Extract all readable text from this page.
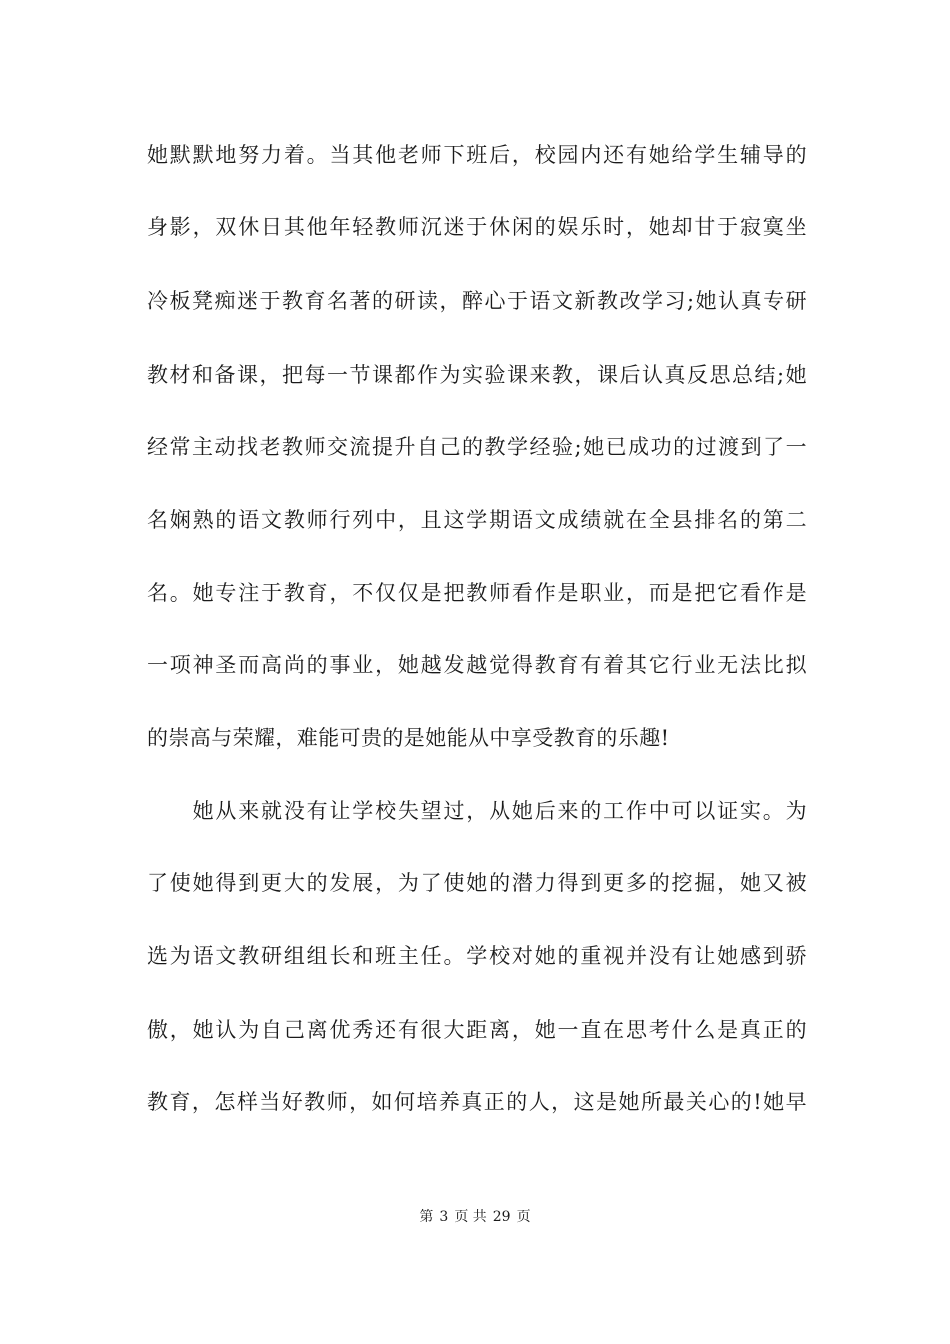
她默默地努力着。当其他老师下班后，校园内还有她给学生辅导的
身影，双休日其他年轻教师沉迷于休闲的娱乐时，她却甘于寂寞坐
冷板凳痴迷于教育名著的研读，醉心于语文新教改学习;她认真专研
教材和备课，把每一节课都作为实验课来教，课后认真反思总结;她
经常主动找老教师交流提升自己的教学经验;她已成功的过渡到了一
名娴熟的语文教师行列中，且这学期语文成绩就在全县排名的第二
名。她专注于教育，不仅仅是把教师看作是职业，而是把它看作是
一项神圣而高尚的事业，她越发越觉得教育有着其它行业无法比拟
的崇高与荣耀，难能可贵的是她能从中享受教育的乐趣!
　　她从来就没有让学校失望过，从她后来的工作中可以证实。为
了使她得到更大的发展，为了使她的潜力得到更多的挖掘，她又被
选为语文教研组组长和班主任。学校对她的重视并没有让她感到骄
傲，她认为自己离优秀还有很大距离，她一直在思考什么是真正的
教育，怎样当好教师，如何培养真正的人，这是她所最关心的!她早
第 3 页 共 29 页
